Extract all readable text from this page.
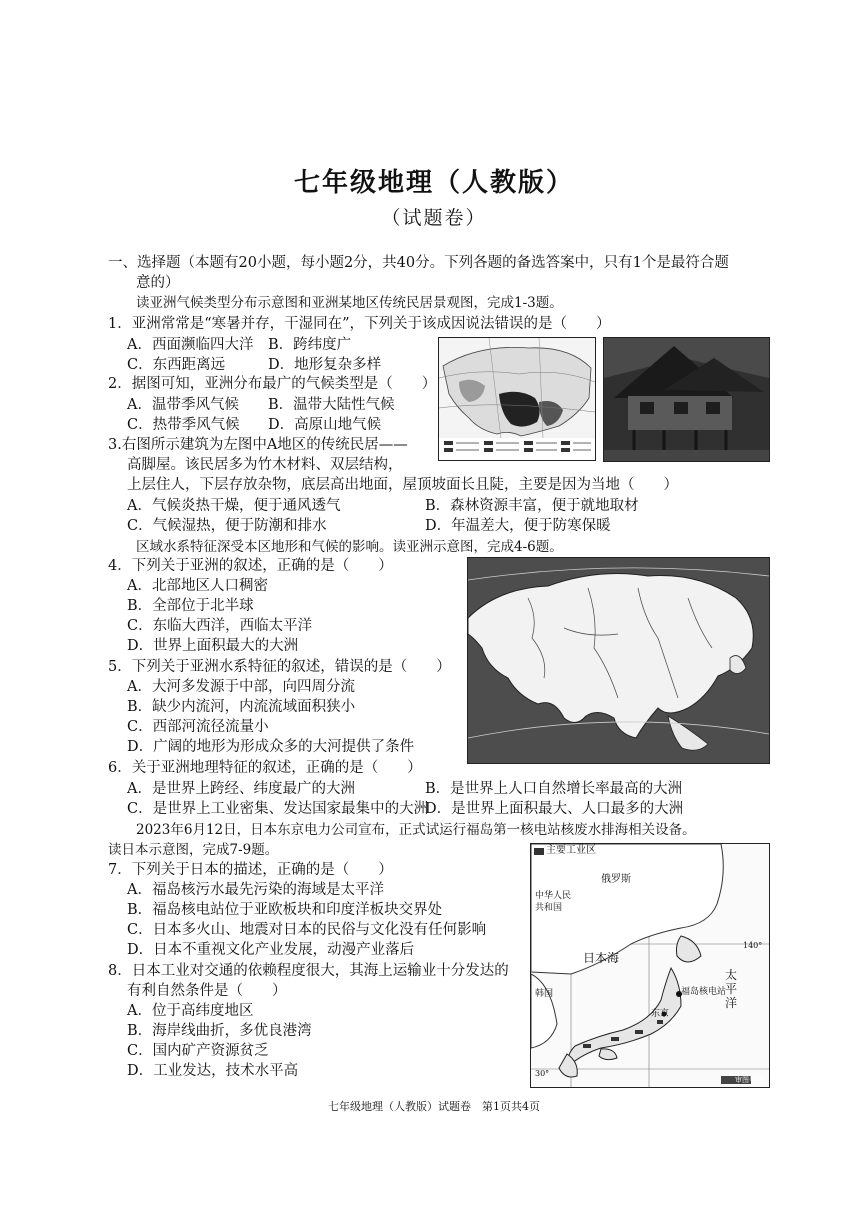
七年级地理（人教版）
（试题卷）
一、选择题（本题有20小题，每小题2分，共40分。下列各题的备选答案中，只有1个是最符合题
意的）
读亚洲气候类型分布示意图和亚洲某地区传统民居景观图，完成1-3题。
1．亚洲常常是“寒暑并存，干湿同在”，下列关于该成因说法错误的是（　　）
A．西面濒临四大洋 B．跨纬度广
C．东西距离远	D．地形复杂多样
2．据图可知，亚洲分布最广的气候类型是（　　）
A．温带季风气候 B．温带大陆性气候
C．热带季风气候 D．高原山地气候
3.右图所示建筑为左图中A地区的传统民居——
高脚屋。该民居多为竹木材料、双层结构，
上层住人，下层存放杂物，底层高出地面，屋顶坡面长且陡，主要是因为当地（　　）
A．气候炎热干燥，便于通风透气	B．森林资源丰富，便于就地取材
C．气候湿热，便于防潮和排水	D．年温差大，便于防寒保暖
区域水系特征深受本区地形和气候的影响。读亚洲示意图，完成4-6题。
4．下列关于亚洲的叙述，正确的是（　　）
A．北部地区人口稠密
B．全部位于北半球
C．东临大西洋，西临太平洋
D．世界上面积最大的大洲
5．下列关于亚洲水系特征的叙述，错误的是（　　）
A．大河多发源于中部，向四周分流
B．缺少内流河，内流流域面积狭小
C．西部河流径流量小
D．广阔的地形为形成众多的大河提供了条件
6．关于亚洲地理特征的叙述，正确的是（　　）
A．是世界上跨经、纬度最广的大洲	B．是世界上人口自然增长率最高的大洲
C．是世界上工业密集、发达国家最集中的大洲
D．是世界上面积最大、人口最多的大洲
2023年6月12日，日本东京电力公司宣布，正式试运行福岛第一核电站核废水排海相关设备。
读日本示意图，完成7-9题。
7．下列关于日本的描述，正确的是（　　）
A．福岛核污水最先污染的海域是太平洋
B．福岛核电站位于亚欧板块和印度洋板块交界处
C．日本多火山、地震对日本的民俗与文化没有任何影响
D．日本不重视文化产业发展，动漫产业落后
8．日本工业对交通的依赖程度很大，其海上运输业十分发达的
有利自然条件是（　　）
A．位于高纬度地区
B．海岸线曲折，多优良港湾
C．国内矿产资源贫乏
D．工业发达，技术水平高
主要工业区
俄罗斯
中华人民共和国
日本海
太平洋
福岛核电站
韩国
东京
140°
30°
审图号略
七年级地理（人教版）试题卷　第1页共4页
